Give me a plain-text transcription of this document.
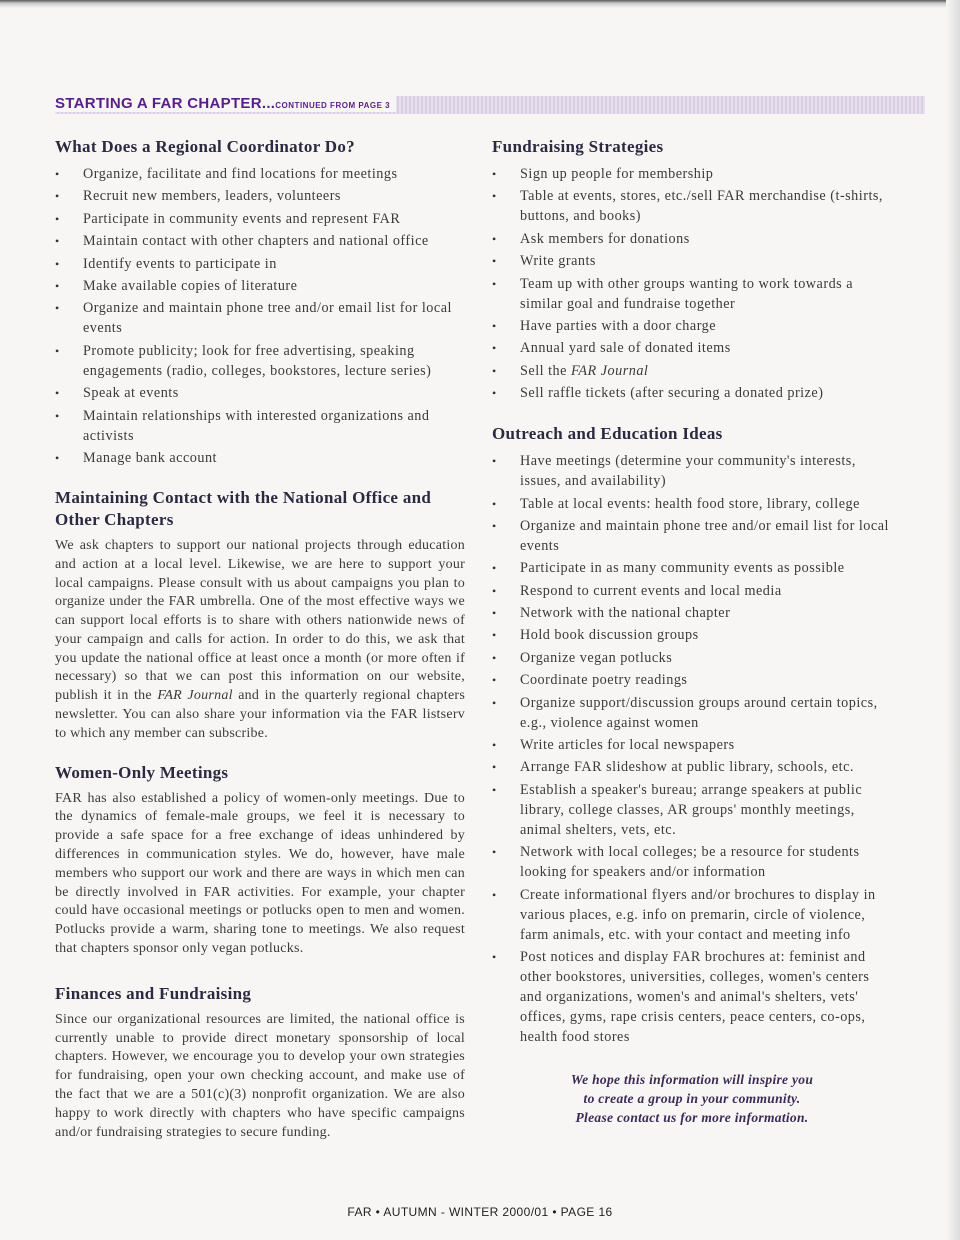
STARTING A FAR CHAPTER...CONTINUED FROM PAGE 3
What Does a Regional Coordinator Do?
• Organize, facilitate and find locations for meetings
• Recruit new members, leaders, volunteers
• Participate in community events and represent FAR
• Maintain contact with other chapters and national office
• Identify events to participate in
• Make available copies of literature
• Organize and maintain phone tree and/or email list for local events
• Promote publicity; look for free advertising, speaking engagements (radio, colleges, bookstores, lecture series)
• Speak at events
• Maintain relationships with interested organizations and activists
• Manage bank account
Maintaining Contact with the National Office and Other Chapters

We ask chapters to support our national projects through education and action at a local level. Likewise, we are here to support your local campaigns. Please consult with us about campaigns you plan to organize under the FAR umbrella. One of the most effective ways we can support local efforts is to share with others nationwide news of your campaign and calls for action. In order to do this, we ask that you update the national office at least once a month (or more often if necessary) so that we can post this information on our website, publish it in the FAR Journal and in the quarterly regional chapters newsletter. You can also share your information via the FAR listserv to which any member can subscribe.

Women-Only Meetings

FAR has also established a policy of women-only meetings. Due to the dynamics of female-male groups, we feel it is necessary to provide a safe space for a free exchange of ideas unhindered by differences in communication styles. We do, however, have male members who support our work and there are ways in which men can be directly involved in FAR activities. For example, your chapter could have occasional meetings or potlucks open to men and women. Potlucks provide a warm, sharing tone to meetings. We also request that chapters sponsor only vegan potlucks.

Finances and Fundraising

Since our organizational resources are limited, the national office is currently unable to provide direct monetary sponsorship of local chapters. However, we encourage you to develop your own strategies for fundraising, open your own checking account, and make use of the fact that we are a 501(c)(3) nonprofit organization. We are also happy to work directly with chapters who have specific campaigns and/or fundraising strategies to secure funding.

Fundraising Strategies
• Sign up people for membership
• Table at events, stores, etc./sell FAR merchandise (t-shirts, buttons, and books)
• Ask members for donations
• Write grants
• Team up with other groups wanting to work towards a similar goal and fundraise together
• Have parties with a door charge
• Annual yard sale of donated items
• Sell the FAR Journal
• Sell raffle tickets (after securing a donated prize)
Outreach and Education Ideas
• Have meetings (determine your community's interests, issues, and availability)
• Table at local events: health food store, library, college
• Organize and maintain phone tree and/or email list for local events
• Participate in as many community events as possible
• Respond to current events and local media
• Network with the national chapter
• Hold book discussion groups
• Organize vegan potlucks
• Coordinate poetry readings
• Organize support/discussion groups around certain topics, e.g., violence against women
• Write articles for local newspapers
• Arrange FAR slideshow at public library, schools, etc.
• Establish a speaker's bureau; arrange speakers at public library, college classes, AR groups' monthly meetings, animal shelters, vets, etc.
• Network with local colleges; be a resource for students looking for speakers and/or information
• Create informational flyers and/or brochures to display in various places, e.g. info on premarin, circle of violence, farm animals, etc. with your contact and meeting info
• Post notices and display FAR brochures at: feminist and other bookstores, universities, colleges, women's centers and organizations, women's and animal's shelters, vets' offices, gyms, rape crisis centers, peace centers, co-ops, health food stores
We hope this information will inspire you
to create a group in your community.
Please contact us for more information.
FAR • AUTUMN - WINTER 2000/01 • PAGE 16
